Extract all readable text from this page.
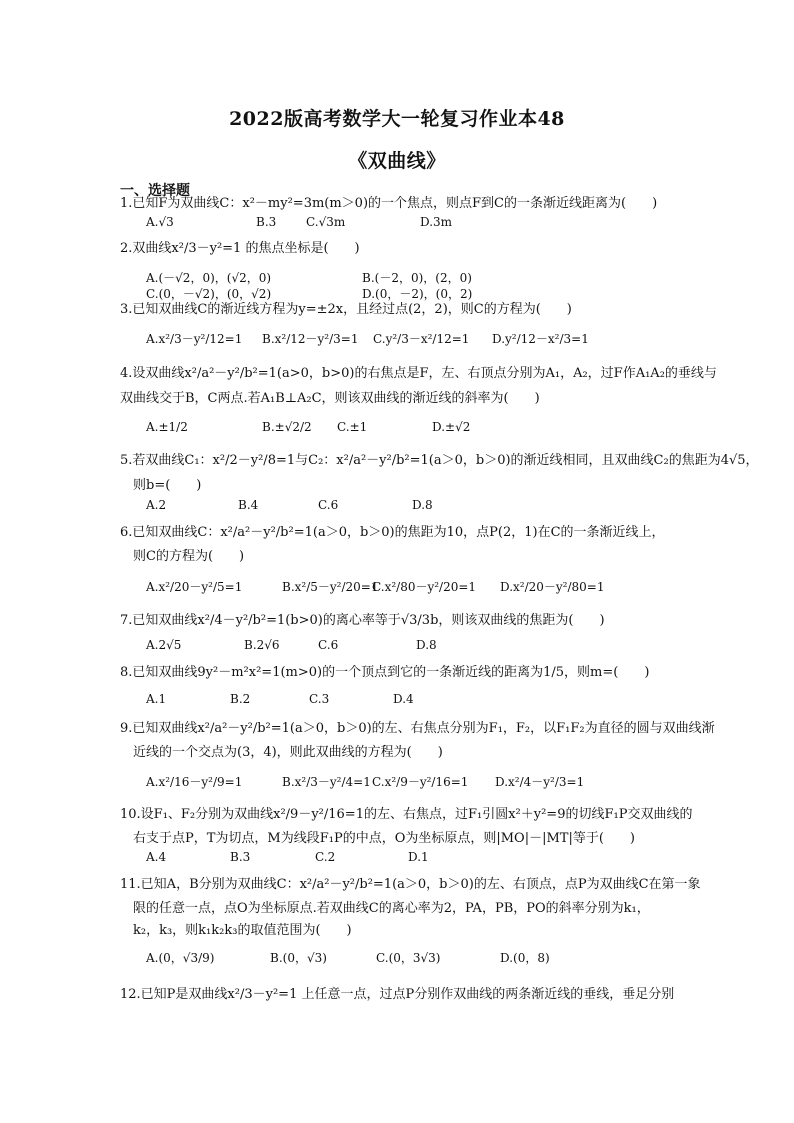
2022版高考数学大一轮复习作业本48
《双曲线》
一、选择题
1.已知F为双曲线C：x²－my²=3m(m＞0)的一个焦点，则点F到C的一条渐近线距离为(　　)
A.√3	B.3 C.√3m	D.3m
2.双曲线x²/3－y²=1 的焦点坐标是(　　)
A.(－√2，0)，(√2，0)	B.(－2，0)，(2，0)
C.(0，－√2)，(0，√2)	D.(0，－2)，(0，2)
3.已知双曲线C的渐近线方程为y=±2x，且经过点(2，2)，则C的方程为(　　)
A.x²/3－y²/12=1 B.x²/12－y²/3=1 C.y²/3－x²/12=1 D.y²/12－x²/3=1
4.设双曲线x²/a²－y²/b²=1(a>0，b>0)的右焦点是F，左、右顶点分别为A₁，A₂，过F作A₁A₂的垂线与
双曲线交于B，C两点.若A₁B⊥A₂C，则该双曲线的渐近线的斜率为(　　)
A.±1/2	B.±√2/2 C.±1	D.±√2
5.若双曲线C₁：x²/2－y²/8=1与C₂：x²/a²－y²/b²=1(a＞0，b＞0)的渐近线相同，且双曲线C₂的焦距为4√5，
　则b=(　　)
A.2	B.4	C.6	D.8
6.已知双曲线C：x²/a²－y²/b²=1(a＞0，b＞0)的焦距为10，点P(2，1)在C的一条渐近线上，
　则C的方程为(　　)
A.x²/20－y²/5=1	B.x²/5－y²/20=1
C.x²/80－y²/20=1 D.x²/20－y²/80=1
7.已知双曲线x²/4－y²/b²=1(b>0)的离心率等于√3/3b，则该双曲线的焦距为(　　)
A.2√5	B.2√6	C.6	D.8
8.已知双曲线9y²－m²x²=1(m>0)的一个顶点到它的一条渐近线的距离为1/5，则m=(　　)
A.1	B.2	C.3	D.4
9.已知双曲线x²/a²－y²/b²=1(a＞0，b＞0)的左、右焦点分别为F₁，F₂，以F₁F₂为直径的圆与双曲线渐
　近线的一个交点为(3，4)，则此双曲线的方程为(　　)
A.x²/16－y²/9=1	B.x²/3－y²/4=1 C.x²/9－y²/16=1 D.x²/4－y²/3=1
10.设F₁、F₂分别为双曲线x²/9－y²/16=1的左、右焦点，过F₁引圆x²＋y²=9的切线F₁P交双曲线的
　右支于点P，T为切点，M为线段F₁P的中点，O为坐标原点，则|MO|－|MT|等于(　　)
A.4	B.3	C.2	D.1
11.已知A，B分别为双曲线C：x²/a²－y²/b²=1(a＞0，b＞0)的左、右顶点，点P为双曲线C在第一象
　限的任意一点，点O为坐标原点.若双曲线C的离心率为2，PA，PB，PO的斜率分别为k₁，
　k₂，k₃，则k₁k₂k₃的取值范围为(　　)
A.(0，√3/9)	B.(0，√3)	C.(0，3√3)	D.(0，8)
12.已知P是双曲线x²/3－y²=1 上任意一点，过点P分别作双曲线的两条渐近线的垂线，垂足分别
